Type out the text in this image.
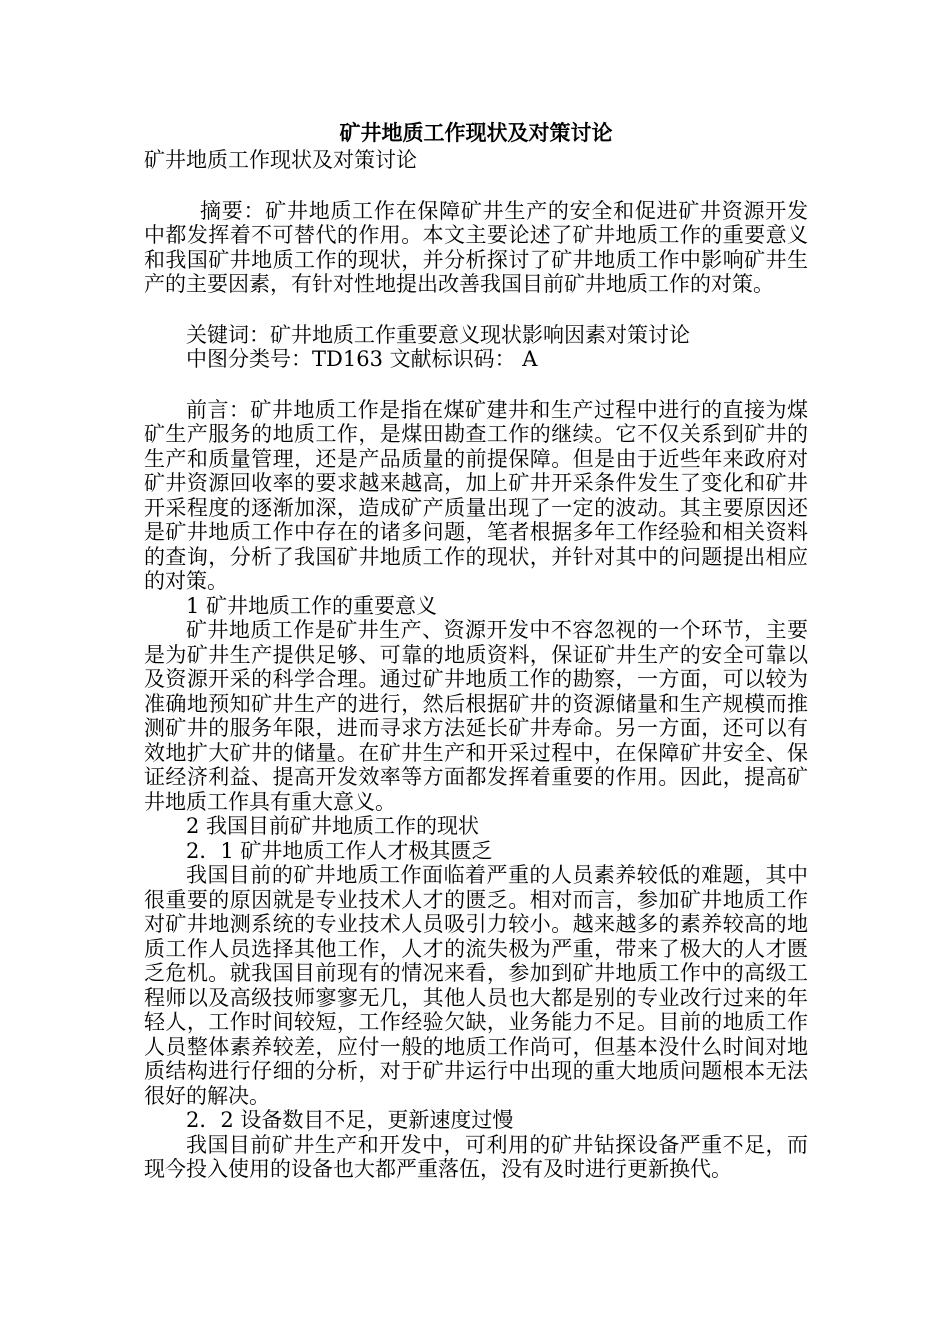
矿井地质工作现状及对策讨论

矿井地质工作现状及对策讨论

摘要：矿井地质工作在保障矿井生产的安全和促进矿井资源开发中都发挥着不可替代的作用。本文主要论述了矿井地质工作的重要意义和我国矿井地质工作的现状，并分析探讨了矿井地质工作中影响矿井生产的主要因素，有针对性地提出改善我国目前矿井地质工作的对策。

关键词：矿井地质工作重要意义现状影响因素对策讨论

中图分类号：TD163 文献标识码： A

前言：矿井地质工作是指在煤矿建井和生产过程中进行的直接为煤矿生产服务的地质工作，是煤田勘查工作的继续。它不仅关系到矿井的生产和质量管理，还是产品质量的前提保障。但是由于近些年来政府对矿井资源回收率的要求越来越高，加上矿井开采条件发生了变化和矿井开采程度的逐渐加深，造成矿产质量出现了一定的波动。其主要原因还是矿井地质工作中存在的诸多问题，笔者根据多年工作经验和相关资料的查询，分析了我国矿井地质工作的现状，并针对其中的问题提出相应的对策。

1 矿井地质工作的重要意义

矿井地质工作是矿井生产、资源开发中不容忽视的一个环节，主要是为矿井生产提供足够、可靠的地质资料，保证矿井生产的安全可靠以及资源开采的科学合理。通过矿井地质工作的勘察，一方面，可以较为准确地预知矿井生产的进行，然后根据矿井的资源储量和生产规模而推测矿井的服务年限，进而寻求方法延长矿井寿命。另一方面，还可以有效地扩大矿井的储量。在矿井生产和开采过程中，在保障矿井安全、保证经济利益、提高开发效率等方面都发挥着重要的作用。因此，提高矿井地质工作具有重大意义。

2 我国目前矿井地质工作的现状

2．1 矿井地质工作人才极其匮乏

我国目前的矿井地质工作面临着严重的人员素养较低的难题，其中很重要的原因就是专业技术人才的匮乏。相对而言，参加矿井地质工作对矿井地测系统的专业技术人员吸引力较小。越来越多的素养较高的地质工作人员选择其他工作，人才的流失极为严重，带来了极大的人才匮乏危机。就我国目前现有的情况来看，参加到矿井地质工作中的高级工程师以及高级技师寥寥无几，其他人员也大都是别的专业改行过来的年轻人，工作时间较短，工作经验欠缺，业务能力不足。目前的地质工作人员整体素养较差，应付一般的地质工作尚可，但基本没什么时间对地质结构进行仔细的分析，对于矿井运行中出现的重大地质问题根本无法很好的解决。

2．2 设备数目不足，更新速度过慢

我国目前矿井生产和开发中，可利用的矿井钻探设备严重不足，而现今投入使用的设备也大都严重落伍，没有及时进行更新换代。
